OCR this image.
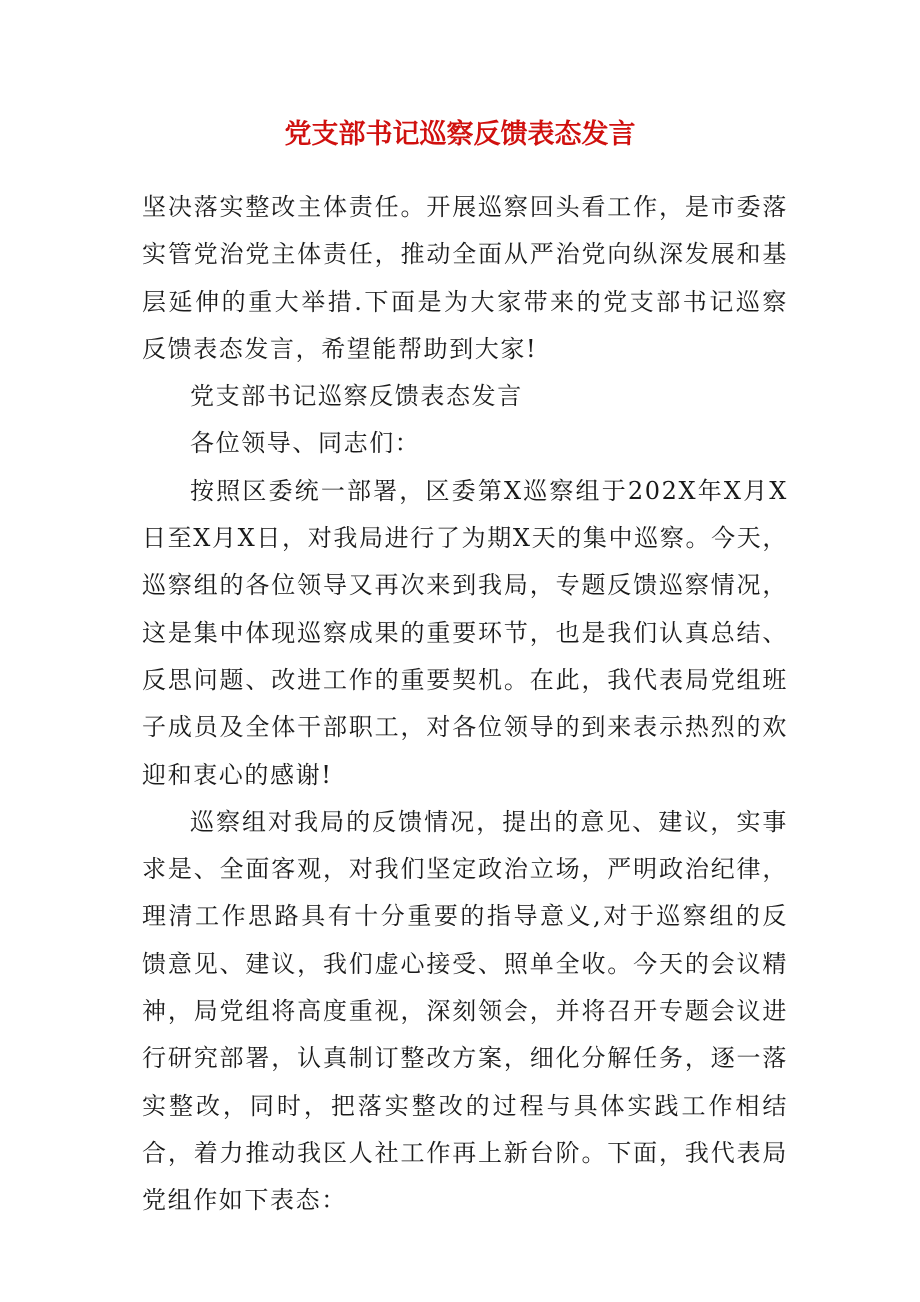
党支部书记巡察反馈表态发言

坚决落实整改主体责任。开展巡察回头看工作，是市委落实管党治党主体责任，推动全面从严治党向纵深发展和基层延伸的重大举措.下面是为大家带来的党支部书记巡察反馈表态发言，希望能帮助到大家!

党支部书记巡察反馈表态发言

各位领导、同志们：

按照区委统一部署，区委第X巡察组于202X年X月X日至X月X日，对我局进行了为期X天的集中巡察。今天，巡察组的各位领导又再次来到我局，专题反馈巡察情况，这是集中体现巡察成果的重要环节，也是我们认真总结、反思问题、改进工作的重要契机。在此，我代表局党组班子成员及全体干部职工，对各位领导的到来表示热烈的欢迎和衷心的感谢!

巡察组对我局的反馈情况，提出的意见、建议，实事求是、全面客观，对我们坚定政治立场，严明政治纪律，理清工作思路具有十分重要的指导意义,对于巡察组的反馈意见、建议，我们虚心接受、照单全收。今天的会议精神，局党组将高度重视，深刻领会，并将召开专题会议进行研究部署，认真制订整改方案，细化分解任务，逐一落实整改，同时，把落实整改的过程与具体实践工作相结合，着力推动我区人社工作再上新台阶。下面，我代表局党组作如下表态：
